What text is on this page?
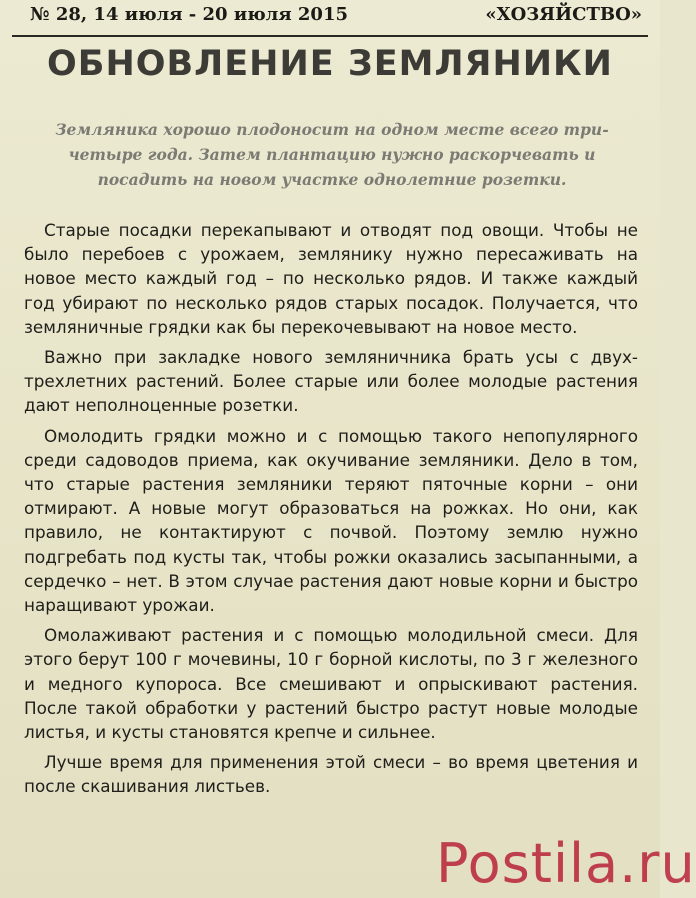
№ 28, 14 июля - 20 июля 2015	«ХОЗЯЙСТВО»
ОБНОВЛЕНИЕ ЗЕМЛЯНИКИ

Земляника хорошо плодоносит на одном месте всего три-четыре года. Затем плантацию нужно раскорчевать и посадить на новом участке однолетние розетки.

Старые посадки перекапывают и отводят под овощи. Чтобы не было перебоев с урожаем, землянику нужно пересаживать на новое место каждый год – по несколько рядов. И также каждый год убирают по несколько рядов старых посадок. Получается, что земляничные грядки как бы перекочевывают на новое место.

Важно при закладке нового земляничника брать усы с двух-трехлетних растений. Более старые или более молодые растения дают неполноценные розетки.

Омолодить грядки можно и с помощью такого непопулярного среди садоводов приема, как окучивание земляники. Дело в том, что старые растения земляники теряют пяточные корни – они отмирают. А новые могут образоваться на рожках. Но они, как правило, не контактируют с почвой. Поэтому землю нужно подгребать под кусты так, чтобы рожки оказались засыпанными, а сердечко – нет. В этом случае растения дают новые корни и быстро наращивают урожаи.

Омолаживают растения и с помощью молодильной смеси. Для этого берут 100 г мочевины, 10 г борной кислоты, по 3 г железного и медного купороса. Все смешивают и опрыскивают растения. После такой обработки у растений быстро растут новые молодые листья, и кусты становятся крепче и сильнее.

Лучше время для применения этой смеси – во время цветения и после скашивания листьев.

Postila.ru
